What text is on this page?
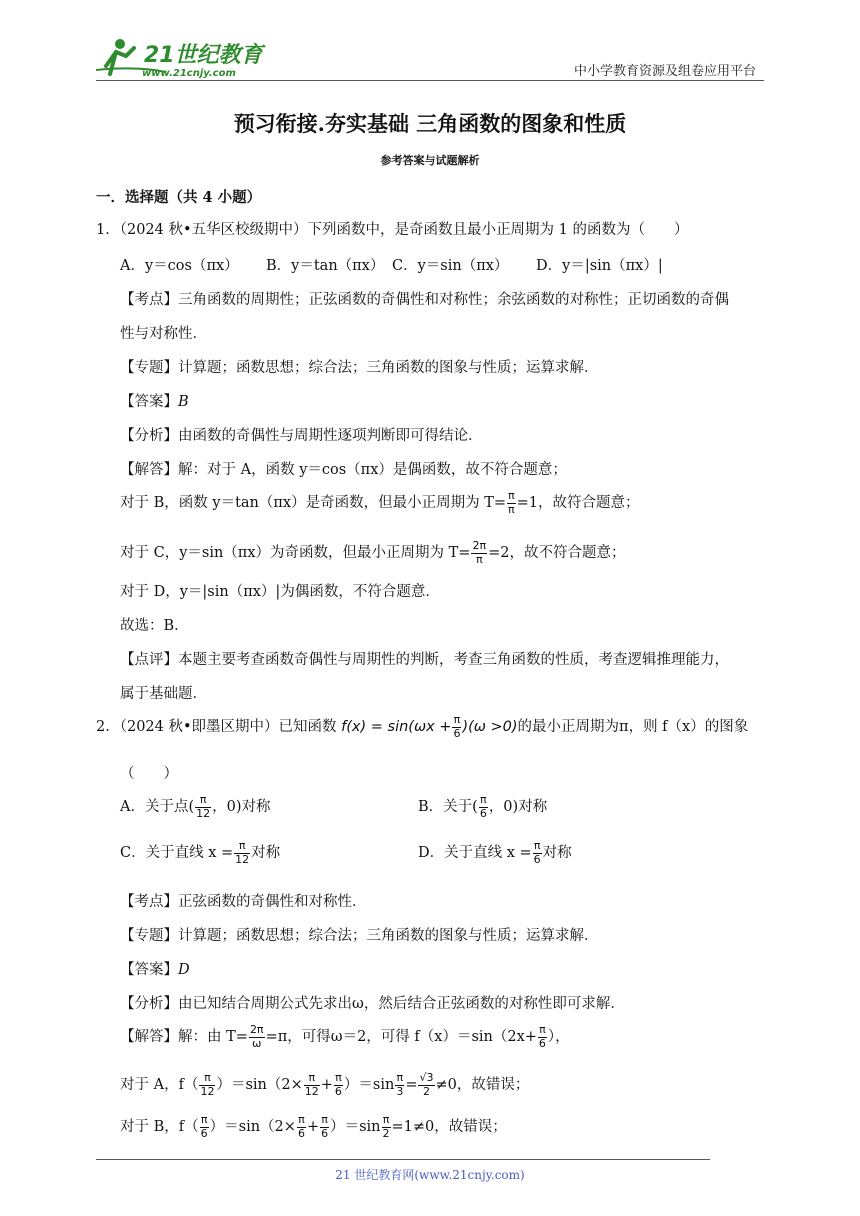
21世纪教育
www.21cnjy.com	中小学教育资源及组卷应用平台
预习衔接.夯实基础 三角函数的图象和性质
参考答案与试题解析
一．选择题（共 4 小题）
1．（2024 秋•五华区校级期中）下列函数中，是奇函数且最小正周期为 1 的函数为（　　）
A．y＝cos（πx） B．y＝tan（πx） C．y＝sin（πx） D．y＝|sin（πx）|
【考点】三角函数的周期性；正弦函数的奇偶性和对称性；余弦函数的对称性；正切函数的奇偶
性与对称性．
【专题】计算题；函数思想；综合法；三角函数的图象与性质；运算求解．
【答案】B
【分析】由函数的奇偶性与周期性逐项判断即可得结论．
【解答】解：对于 A，函数 y＝cos（πx）是偶函数，故不符合题意；
对于 B，函数 y＝tan（πx）是奇函数，但最小正周期为 $T= \frac{\pi}{\pi} =1$，故符合题意；
对于 C，y＝sin（πx）为奇函数，但最小正周期为 $T= \frac{2\pi}{\pi} =2$，故不符合题意；
对于 D，y＝|sin（πx）|为偶函数，不符合题意．
故选：B．
【点评】本题主要考查函数奇偶性与周期性的判断，考查三角函数的性质，考查逻辑推理能力，
属于基础题．
2．（2024 秋•即墨区期中）已知函数 $f(x) = \sin(\omega x + \frac{\pi}{6} )(\omega >0)$的最小正周期为π，则 f（x）的图象
（　　）
A．关于点( $\frac{\pi}{12}$ ，0)对称	B．关于( $\frac{\pi}{6}$ ，0)对称
C．关于直线 $x = \frac{\pi}{12}$ 对称	D．关于直线 $x = \frac{\pi}{6}$ 对称
【考点】正弦函数的奇偶性和对称性．
【专题】计算题；函数思想；综合法；三角函数的图象与性质；运算求解．
【答案】D
【分析】由已知结合周期公式先求出ω，然后结合正弦函数的对称性即可求解．
【解答】解：由 $T= \frac{2\pi}{\omega} =\pi$，可得ω＝2，可得 $f(x)=\sin(2x+ \frac{\pi}{6}$ ），
对于 A，$f( \frac{\pi}{12} )=\sin(2\times \frac{\pi}{12} + \frac{\pi}{6} )=\sin \frac{\pi}{3} = \frac{√3}{2} \ne 0$，故错误；
对于 B，$f( \frac{\pi}{6} )=\sin(2\times \frac{\pi}{6} + \frac{\pi}{6} )=\sin \frac{\pi}{2} =1\ne 0$，故错误；
21 世纪教育网(www.21cnjy.com)
